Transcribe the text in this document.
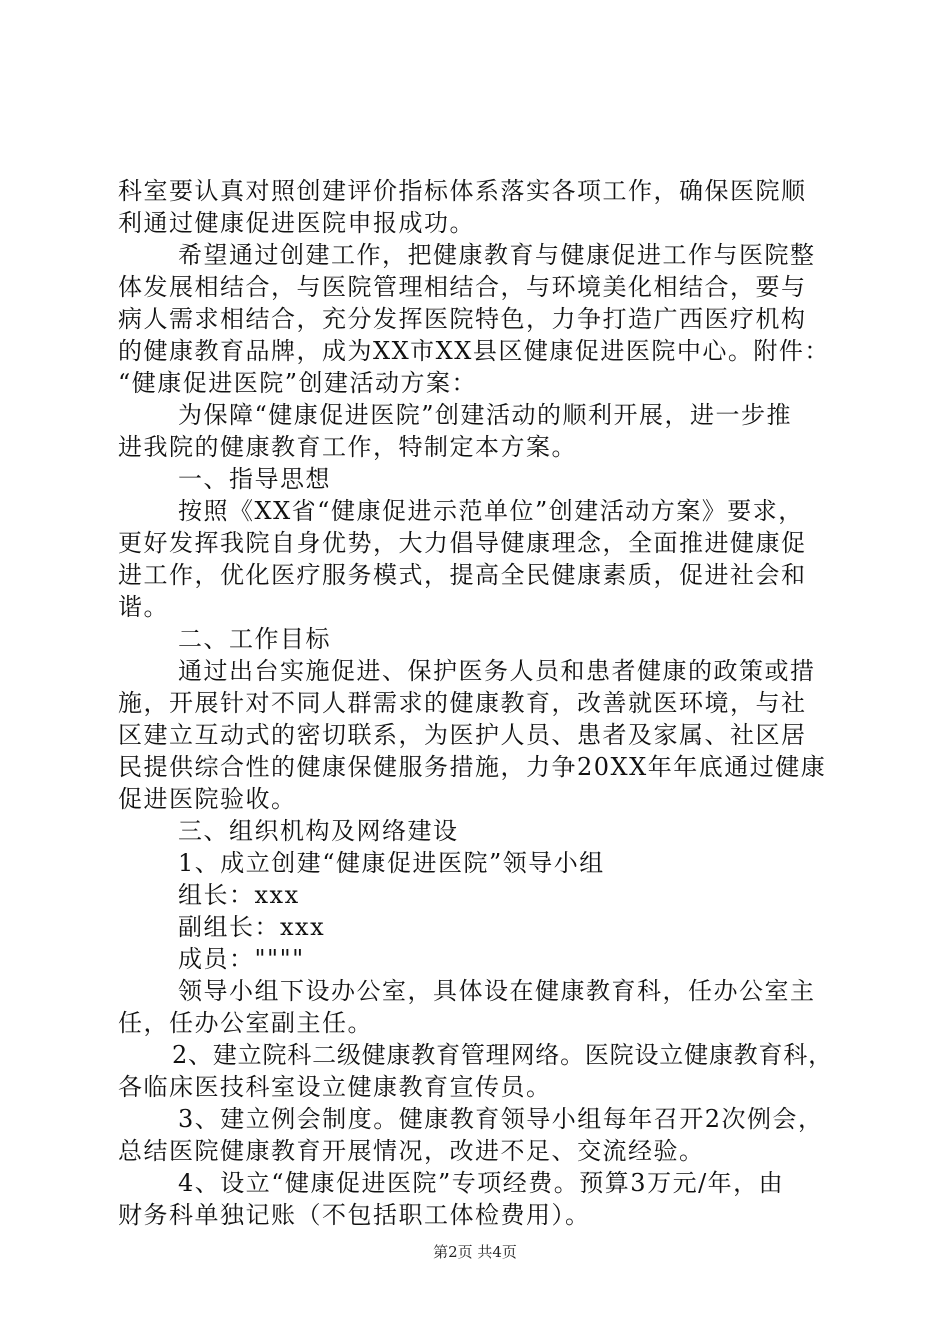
科室要认真对照创建评价指标体系落实各项工作，确保医院顺
利通过健康促进医院申报成功。
希望通过创建工作，把健康教育与健康促进工作与医院整
体发展相结合，与医院管理相结合，与环境美化相结合，要与
病人需求相结合，充分发挥医院特色，力争打造广西医疗机构
的健康教育品牌，成为XX市XX县区健康促进医院中心。附件：
“健康促进医院”创建活动方案：
为保障“健康促进医院”创建活动的顺利开展，进一步推
进我院的健康教育工作，特制定本方案。
一、指导思想
按照《XX省“健康促进示范单位”创建活动方案》要求，
更好发挥我院自身优势，大力倡导健康理念，全面推进健康促
进工作，优化医疗服务模式，提高全民健康素质，促进社会和
谐。
二、工作目标
通过出台实施促进、保护医务人员和患者健康的政策或措
施，开展针对不同人群需求的健康教育，改善就医环境，与社
区建立互动式的密切联系，为医护人员、患者及家属、社区居
民提供综合性的健康保健服务措施，力争20XX年年底通过健康
促进医院验收。
三、组织机构及网络建设
1、成立创建“健康促进医院”领导小组
组长：xxx
副组长：xxx
成员：""""
领导小组下设办公室，具体设在健康教育科，任办公室主
任，任办公室副主任。
2、建立院科二级健康教育管理网络。医院设立健康教育科，
各临床医技科室设立健康教育宣传员。
3、建立例会制度。健康教育领导小组每年召开2次例会，
总结医院健康教育开展情况，改进不足、交流经验。
4、设立“健康促进医院”专项经费。预算3万元/年，由
财务科单独记账（不包括职工体检费用）。
第2页 共4页
